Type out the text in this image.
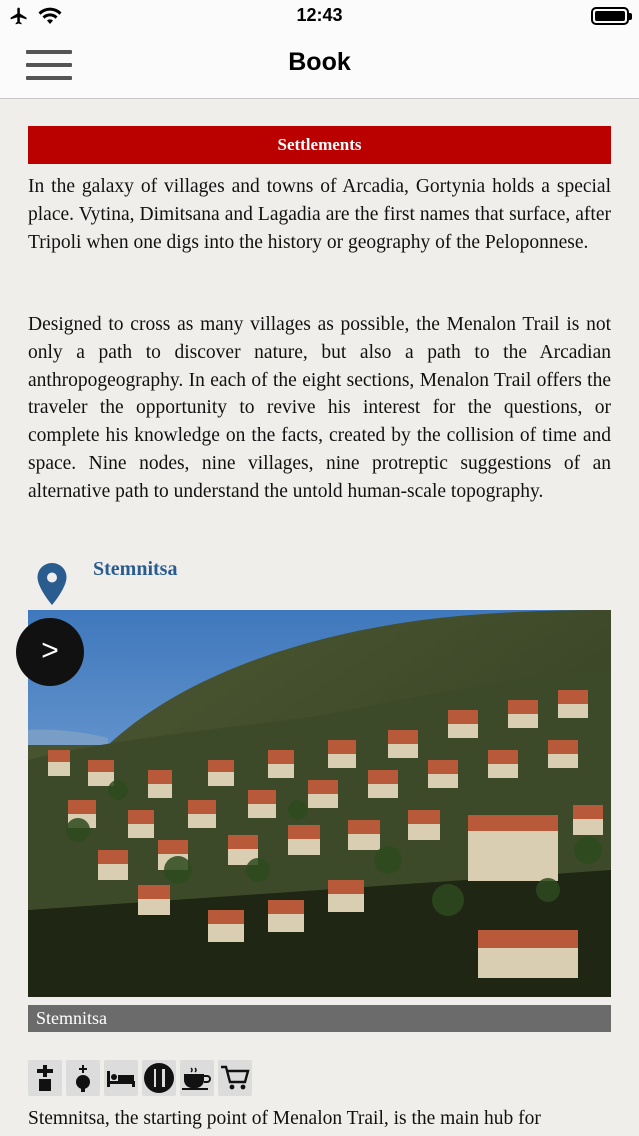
12:43
Book
Settlements

In the galaxy of villages and towns of Arcadia, Gortynia holds a special place. Vytina, Dimitsana and Lagadia are the first names that surface, after Tripoli when one digs into the history or geography of the Peloponnese.

Designed to cross as many villages as possible, the Menalon Trail is not only a path to discover nature, but also a path to the Arcadian anthropogeography. In each of the eight sections, Menalon Trail offers the traveler the opportunity to revive his interest for the questions, or complete his knowledge on the facts, created by the collision of time and space. Nine nodes, nine villages, nine protreptic suggestions of an alternative path to understand the untold human-scale topography.

Stemnitsa
Stemnitsa
>

Stemnitsa, the starting point of Menalon Trail, is the main hub for
